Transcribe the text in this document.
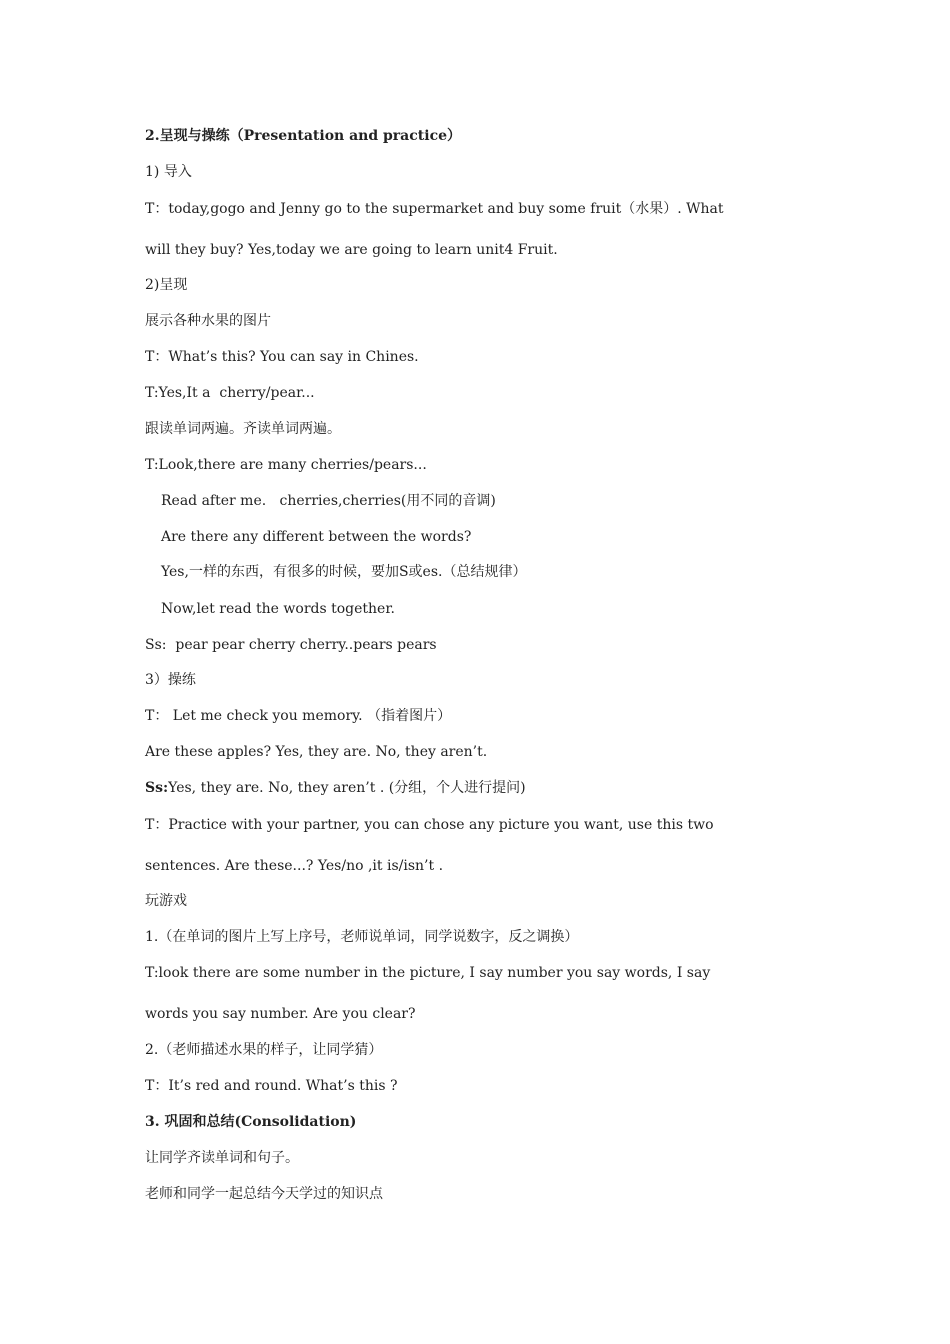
2.呈现与操练（Presentation and practice）
1) 导入
T：today,gogo and Jenny go to the supermarket and buy some fruit（水果）. What
will they buy? Yes,today we are going to learn unit4 Fruit.
2)呈现
展示各种水果的图片
T：What’s this? You can say in Chines.
T:Yes,It a  cherry/pear...
跟读单词两遍。齐读单词两遍。
T:Look,there are many cherries/pears...
Read after me.   cherries,cherries(用不同的音调)
Are there any different between the words?
Yes,一样的东西，有很多的时候，要加S或es.（总结规律）
Now,let read the words together.
Ss:  pear pear cherry cherry..pears pears
3）操练
T： Let me check you memory. （指着图片）
Are these apples? Yes, they are. No, they aren’t.
Ss:Yes, they are. No, they aren’t . (分组，个人进行提问)
T：Practice with your partner, you can chose any picture you want, use this two
sentences. Are these...? Yes/no ,it is/isn’t .
玩游戏
1.（在单词的图片上写上序号，老师说单词，同学说数字，反之调换）
T:look there are some number in the picture, I say number you say words, I say
words you say number. Are you clear?
2.（老师描述水果的样子，让同学猜）
T：It’s red and round. What’s this ?
3. 巩固和总结(Consolidation)
让同学齐读单词和句子。
老师和同学一起总结今天学过的知识点
